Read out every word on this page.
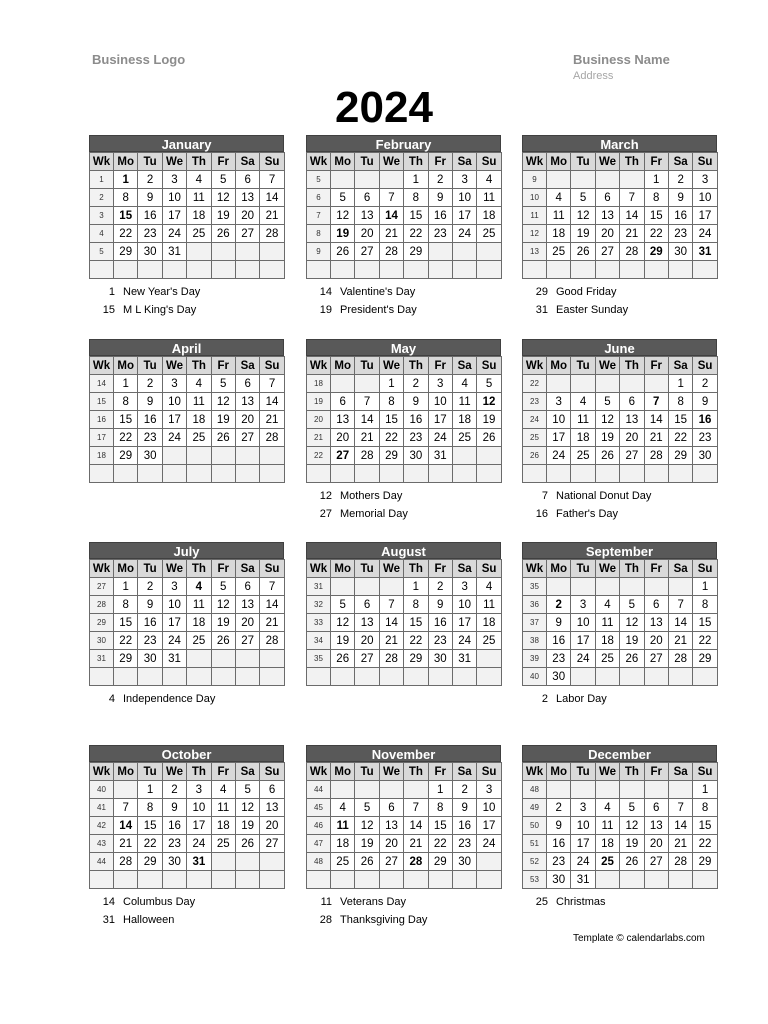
Business Logo	Business Name
Address
2024
January
Wk	Mo	Tu	We	Th	Fr	Sa	Su
1	1	2	3	4	5	6	7
2	8	9	10	11	12	13	14
3	15	16	17	18	19	20	21
4	22	23	24	25	26	27	28
5	29	30	31				

1 New Year's Day
15 M L King's Day
February
Wk	Mo	Tu	We	Th	Fr	Sa	Su
5				1	2	3	4
6	5	6	7	8	9	10	11
7	12	13	14	15	16	17	18
8	19	20	21	22	23	24	25
9	26	27	28	29			

14 Valentine's Day
19 President's Day
March
Wk	Mo	Tu	We	Th	Fr	Sa	Su
9					1	2	3
10	4	5	6	7	8	9	10
11	11	12	13	14	15	16	17
12	18	19	20	21	22	23	24
13	25	26	27	28	29	30	31

29 Good Friday
31 Easter Sunday
April
Wk	Mo	Tu	We	Th	Fr	Sa	Su
14	1	2	3	4	5	6	7
15	8	9	10	11	12	13	14
16	15	16	17	18	19	20	21
17	22	23	24	25	26	27	28
18	29	30					

May
Wk	Mo	Tu	We	Th	Fr	Sa	Su
18			1	2	3	4	5
19	6	7	8	9	10	11	12
20	13	14	15	16	17	18	19
21	20	21	22	23	24	25	26
22	27	28	29	30	31		

12 Mothers Day
27 Memorial Day
June
Wk	Mo	Tu	We	Th	Fr	Sa	Su
22						1	2
23	3	4	5	6	7	8	9
24	10	11	12	13	14	15	16
25	17	18	19	20	21	22	23
26	24	25	26	27	28	29	30

7 National Donut Day
16 Father's Day
July
Wk	Mo	Tu	We	Th	Fr	Sa	Su
27	1	2	3	4	5	6	7
28	8	9	10	11	12	13	14
29	15	16	17	18	19	20	21
30	22	23	24	25	26	27	28
31	29	30	31				

4 Independence Day
August
Wk	Mo	Tu	We	Th	Fr	Sa	Su
31				1	2	3	4
32	5	6	7	8	9	10	11
33	12	13	14	15	16	17	18
34	19	20	21	22	23	24	25
35	26	27	28	29	30	31	

September
Wk	Mo	Tu	We	Th	Fr	Sa	Su
35							1
36	2	3	4	5	6	7	8
37	9	10	11	12	13	14	15
38	16	17	18	19	20	21	22
39	23	24	25	26	27	28	29
40	30						
2 Labor Day
October
Wk	Mo	Tu	We	Th	Fr	Sa	Su
40		1	2	3	4	5	6
41	7	8	9	10	11	12	13
42	14	15	16	17	18	19	20
43	21	22	23	24	25	26	27
44	28	29	30	31			

14 Columbus Day
31 Halloween
November
Wk	Mo	Tu	We	Th	Fr	Sa	Su
44					1	2	3
45	4	5	6	7	8	9	10
46	11	12	13	14	15	16	17
47	18	19	20	21	22	23	24
48	25	26	27	28	29	30	

11 Veterans Day
28 Thanksgiving Day
December
Wk	Mo	Tu	We	Th	Fr	Sa	Su
48							1
49	2	3	4	5	6	7	8
50	9	10	11	12	13	14	15
51	16	17	18	19	20	21	22
52	23	24	25	26	27	28	29
53	30	31					
25 Christmas
Template © calendarlabs.com
